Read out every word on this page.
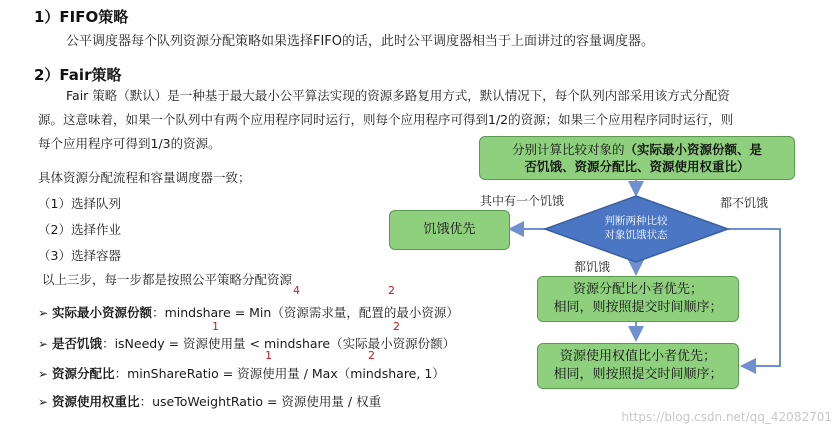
1）FIFO策略
公平调度器每个队列资源分配策略如果选择FIFO的话，此时公平调度器相当于上面讲过的容量调度器。
2）Fair策略
Fair 策略（默认）是一种基于最大最小公平算法实现的资源多路复用方式，默认情况下，每个队列内部采用该方式分配资
源。这意味着，如果一个队列中有两个应用程序同时运行，则每个应用程序可得到1/2的资源；如果三个应用程序同时运行，则
每个应用程序可得到1/3的资源。
具体资源分配流程和容量调度器一致；
（1）选择队列
（2）选择作业
（3）选择容器
以上三步，每一步都是按照公平策略分配资源
4	2
➢ 实际最小资源份额：mindshare = Min（资源需求量，配置的最小资源）
1	2
➢ 是否饥饿：isNeedy = 资源使用量 < mindshare（实际最小资源份额）
1	2
➢ 资源分配比：minShareRatio = 资源使用量 / Max（mindshare, 1）
➢ 资源使用权重比：useToWeightRatio = 资源使用量 / 权重
分别计算比较对象的（实际最小资源份额、是
否饥饿、资源分配比、资源使用权重比）
判断两种比较
对象饥饿状态
饥饿优先
其中有一个饥饿	都不饥饿
都饥饿
资源分配比小者优先；
相同，则按照提交时间顺序；
资源使用权值比小者优先；
相同，则按照提交时间顺序；
https://blog.csdn.net/qq_42082701
